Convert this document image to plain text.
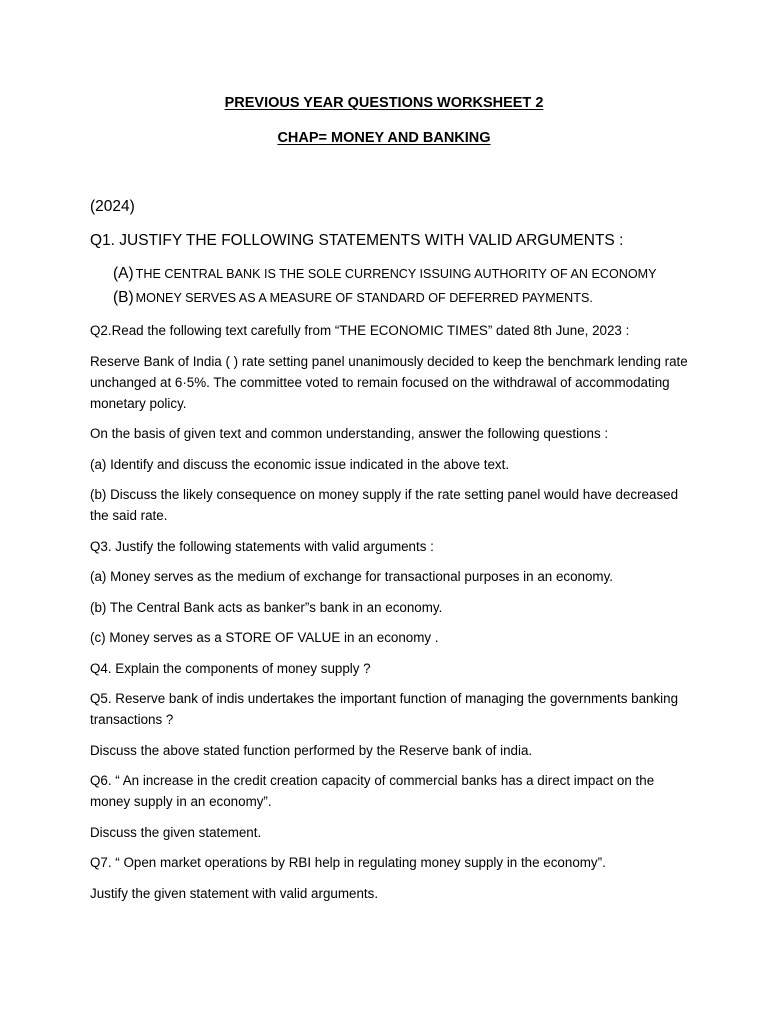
PREVIOUS YEAR QUESTIONS WORKSHEET 2
CHAP= MONEY AND BANKING
(2024)
Q1. JUSTIFY THE FOLLOWING STATEMENTS WITH VALID ARGUMENTS :
(A) THE CENTRAL BANK IS THE SOLE CURRENCY ISSUING AUTHORITY OF AN ECONOMY
(B) MONEY SERVES AS A MEASURE OF STANDARD OF DEFERRED PAYMENTS.

Q2.Read the following text carefully from “THE ECONOMIC TIMES” dated 8th June, 2023 :

Reserve Bank of India ( ) rate setting panel unanimously decided to keep the benchmark lending rate unchanged at 6·5%. The committee voted to remain focused on the withdrawal of accommodating monetary policy.

On the basis of given text and common understanding, answer the following questions :

(a) Identify and discuss the economic issue indicated in the above text.

(b) Discuss the likely consequence on money supply if the rate setting panel would have decreased the said rate.

Q3. Justify the following statements with valid arguments :

(a) Money serves as the medium of exchange for transactional purposes in an economy.

(b) The Central Bank acts as banker”s bank in an economy.

(c) Money serves as a STORE OF VALUE in an economy .

Q4. Explain the components of money supply ?

Q5. Reserve bank of indis undertakes the important function of managing the governments banking transactions ?

Discuss the above stated function performed by the Reserve bank of india.

Q6. “ An increase in the credit creation capacity of commercial banks has a direct impact on the money supply in an economy”.

Discuss the given statement.

Q7. “ Open market operations by RBI help in regulating money supply in the economy”.

Justify the given statement with valid arguments.
